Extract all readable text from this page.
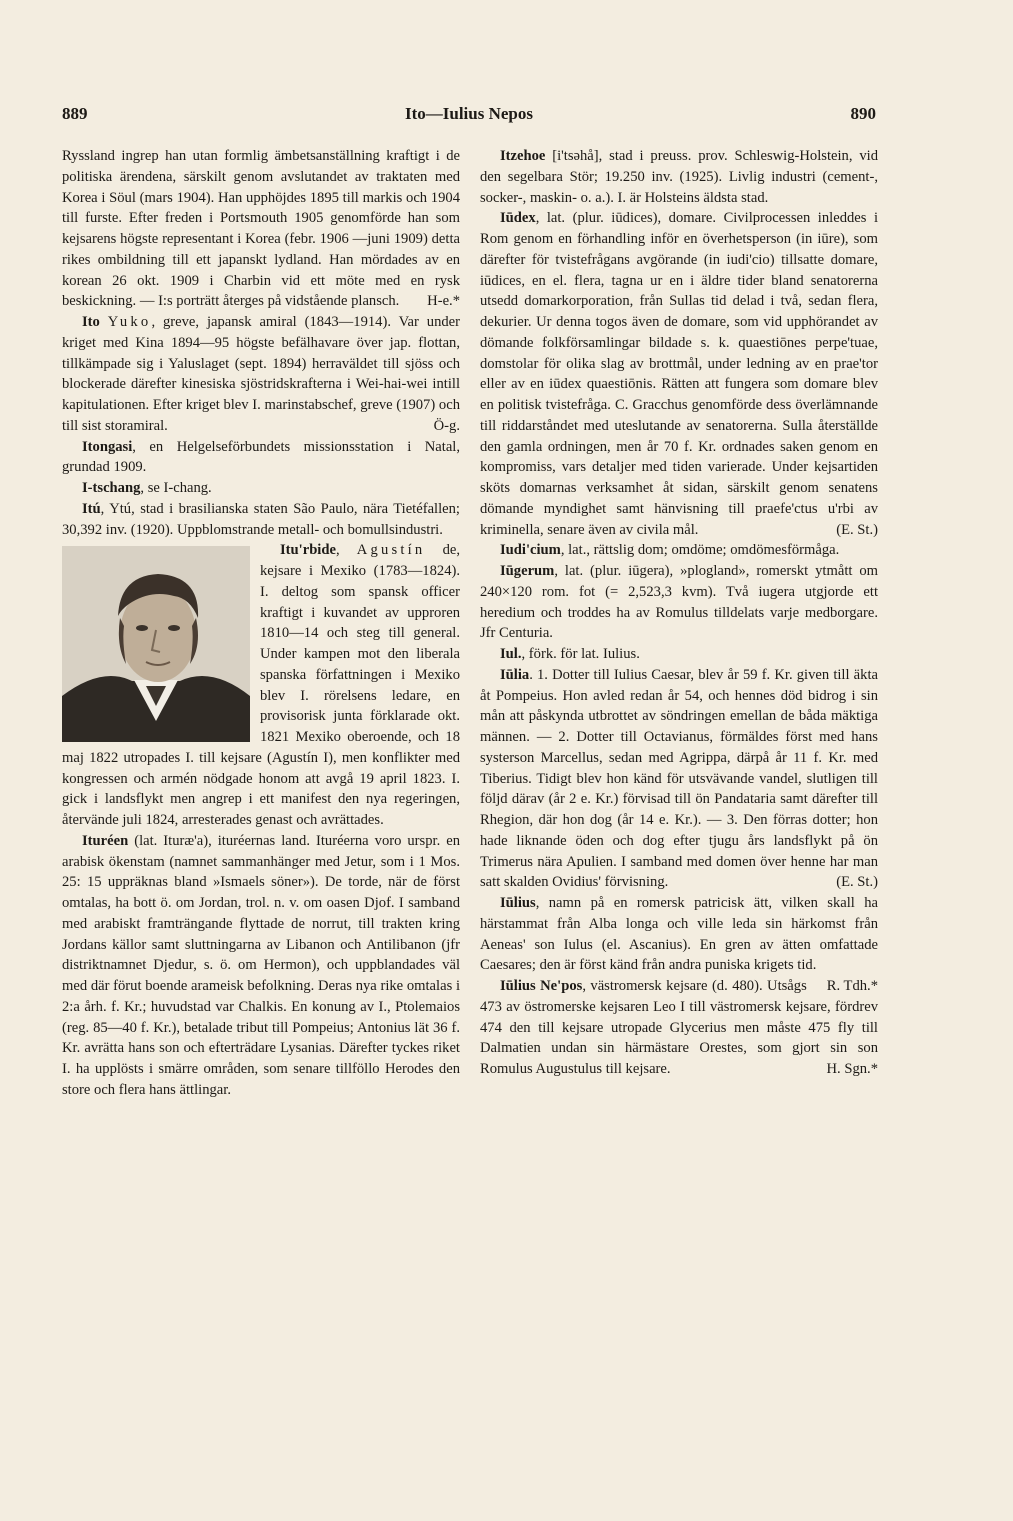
889	Ito—Iulius Nepos	890

Ryssland ingrep han utan formlig ämbetsanställning kraftigt i de politiska ärendena, särskilt genom avslutandet av traktaten med Korea i Söul (mars 1904). Han upphöjdes 1895 till markis och 1904 till furste. Efter freden i Portsmouth 1905 genomförde han som kejsarens högste representant i Korea (febr. 1906 —juni 1909) detta rikes ombildning till ett japanskt lydland. Han mördades av en korean 26 okt. 1909 i Charbin vid ett möte med en rysk beskickning. — I:s porträtt återges på vidstående plansch. H-e.*

Ito Yuko, greve, japansk amiral (1843—1914). Var under kriget med Kina 1894—95 högste befälhavare över jap. flottan, tillkämpade sig i Yaluslaget (sept. 1894) herraväldet till sjöss och blockerade därefter kinesiska sjöstridskrafterna i Wei-hai-wei intill kapitulationen. Efter kriget blev I. marinstabschef, greve (1907) och till sist storamiral.	Ö-g.

Itongasi, en Helgelseförbundets missionsstation i Natal, grundad 1909.

I-tschang, se I-chang.

Itú, Ytú, stad i brasilianska staten São Paulo, nära Tietéfallen; 30,392 inv. (1920). Uppblomstrande metall- och bomullsindustri.

Itu'rbide, Agustín de, kejsare i Mexiko (1783—1824). I. deltog som spansk officer kraftigt i kuvandet av upproren 1810—14 och steg till general. Under kampen mot den liberala spanska författningen i Mexiko blev I. rörelsens ledare, en provisorisk junta förklarade okt. 1821 Mexiko oberoende, och 18 maj 1822 utropades I. till kejsare (Agustín I), men konflikter med kongressen och armén nödgade honom att avgå 19 april 1823. I. gick i landsflykt men angrep i ett manifest den nya regeringen, återvände juli 1824, arresterades genast och avrättades.

Ituréen (lat. Ituræ'a), ituréernas land. Ituréerna voro urspr. en arabisk ökenstam (namnet sammanhänger med Jetur, som i 1 Mos. 25: 15 uppräknas bland »Ismaels söner»). De torde, när de först omtalas, ha bott ö. om Jordan, trol. n. v. om oasen Djof. I samband med arabiskt framträngande flyttade de norrut, till trakten kring Jordans källor samt sluttningarna av Libanon och Antilibanon (jfr distriktnamnet Djedur, s. ö. om Hermon), och uppblandades väl med där förut boende arameisk befolkning. Deras nya rike omtalas i 2:a årh. f. Kr.; huvudstad var Chalkis. En konung av I., Ptolemaios (reg. 85—40 f. Kr.), betalade tribut till Pompeius; Antonius lät 36 f. Kr. avrätta hans son och efterträdare Lysanias. Därefter tyckes riket I. ha upplösts i smärre områden, som senare tillföllo Herodes den store och flera hans ättlingar.

Itzehoe [i'tsəhå], stad i preuss. prov. Schleswig-Holstein, vid den segelbara Stör; 19.250 inv. (1925). Livlig industri (cement-, socker-, maskin- o. a.). I. är Holsteins äldsta stad.

Iūdex, lat. (plur. iūdices), domare. Civilprocessen inleddes i Rom genom en förhandling inför en överhetsperson (in iūre), som därefter för tvistefrågans avgörande (in iudi'cio) tillsatte domare, iūdices, en el. flera, tagna ur en i äldre tider bland senatorerna utsedd domarkorporation, från Sullas tid delad i två, sedan flera, dekurier. Ur denna togos även de domare, som vid upphörandet av dömande folkförsamlingar bildade s. k. quaestiōnes perpe'tuae, domstolar för olika slag av brottmål, under ledning av en prae'tor eller av en iūdex quaestiōnis. Rätten att fungera som domare blev en politisk tvistefråga. C. Gracchus genomförde dess överlämnande till riddarståndet med uteslutande av senatorerna. Sulla återställde den gamla ordningen, men år 70 f. Kr. ordnades saken genom en kompromiss, vars detaljer med tiden varierade. Under kejsartiden sköts domarnas verksamhet åt sidan, särskilt genom senatens dömande myndighet samt hänvisning till praefe'ctus u'rbi av kriminella, senare även av civila mål.	(E. St.)

Iudi'cium, lat., rättslig dom; omdöme; omdömesförmåga.

Iūgerum, lat. (plur. iūgera), »plogland», romerskt ytmått om 240×120 rom. fot (= 2,523,3 kvm). Två iugera utgjorde ett heredium och troddes ha av Romulus tilldelats varje medborgare. Jfr Centuria.

Iul., förk. för lat. Iulius.

Iūlia. 1. Dotter till Iulius Caesar, blev år 59 f. Kr. given till äkta åt Pompeius. Hon avled redan år 54, och hennes död bidrog i sin mån att påskynda utbrottet av söndringen emellan de båda mäktiga männen. — 2. Dotter till Octavianus, förmäldes först med hans systerson Marcellus, sedan med Agrippa, därpå år 11 f. Kr. med Tiberius. Tidigt blev hon känd för utsvävande vandel, slutligen till följd därav (år 2 e. Kr.) förvisad till ön Pandataria samt därefter till Rhegion, där hon dog (år 14 e. Kr.). — 3. Den förras dotter; hon hade liknande öden och dog efter tjugu års landsflykt på ön Trimerus nära Apulien. I samband med domen över henne har man satt skalden Ovidius' förvisning.	(E. St.)

Iūlius, namn på en romersk patricisk ätt, vilken skall ha härstammat från Alba longa och ville leda sin härkomst från Aeneas' son Iulus (el. Ascanius). En gren av ätten omfattade Caesares; den är först känd från andra puniska krigets tid.
R. Tdh.*

Iūlius Ne'pos, västromersk kejsare (d. 480). Utsågs 473 av östromerske kejsaren Leo I till västromersk kejsare, fördrev 474 den till kejsare utropade Glycerius men måste 475 fly till Dalmatien undan sin härmästare Orestes, som gjort sin son Romulus Augustulus till kejsare.	H. Sgn.*
